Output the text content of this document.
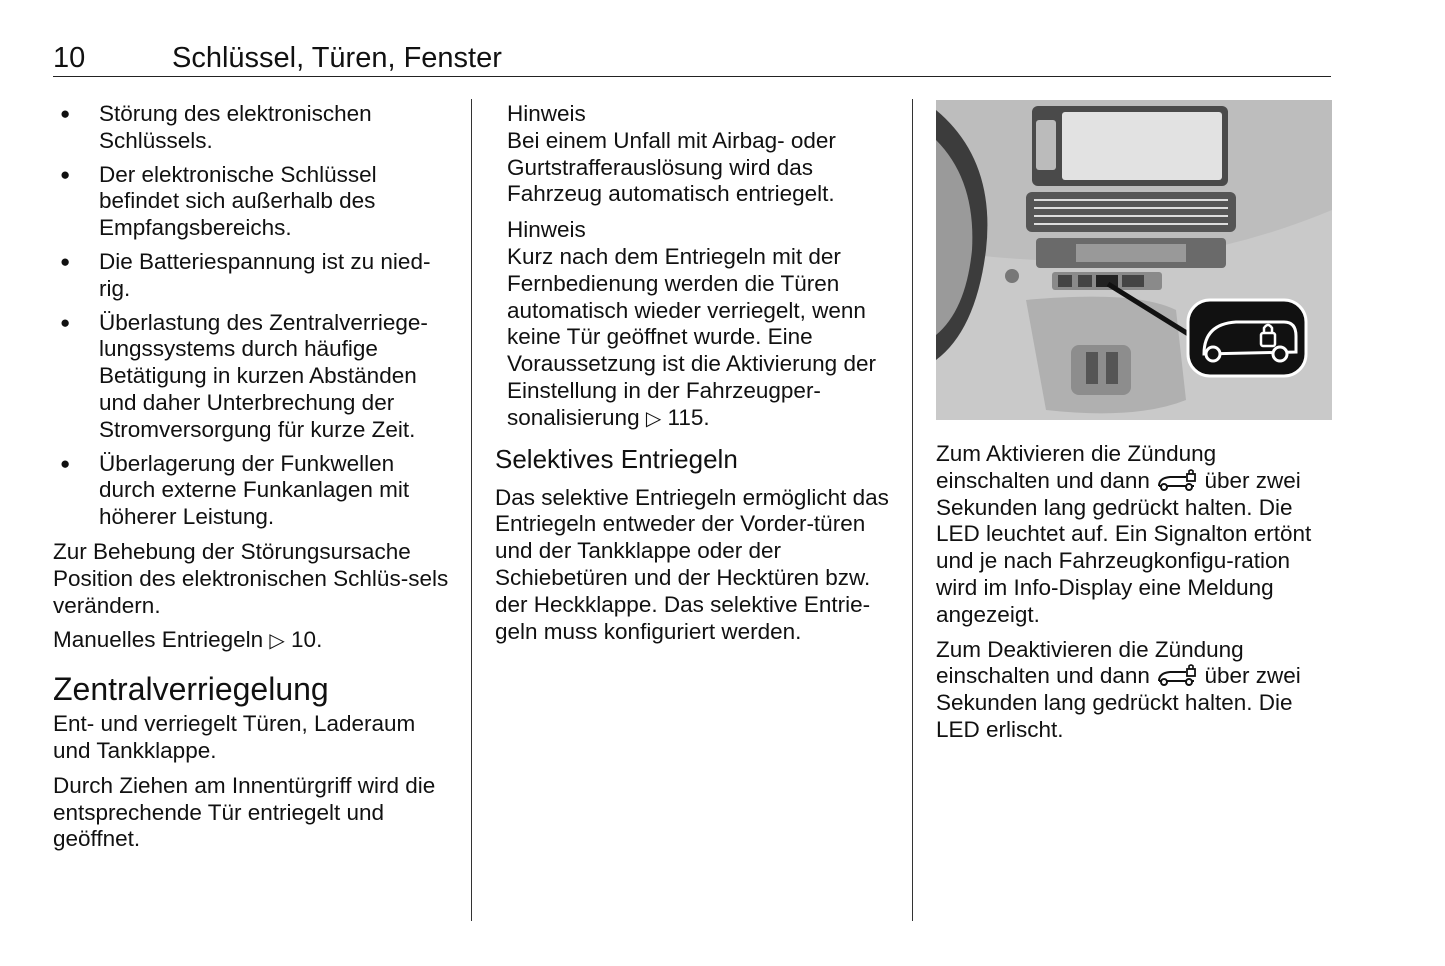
10	Schlüssel, Türen, Fenster
● Störung des elektronischen Schlüssels.
● Der elektronische Schlüssel befindet sich außerhalb des Empfangsbereichs.
● Die Batteriespannung ist zu nied-rig.
● Überlastung des Zentralverriege-lungssystems durch häufige Betätigung in kurzen Abständen und daher Unterbrechung der Stromversorgung für kurze Zeit.
● Überlagerung der Funkwellen durch externe Funkanlagen mit höherer Leistung.

Zur Behebung der Störungsursache Position des elektronischen Schlüs-sels verändern.

Manuelles Entriegeln ▷ 10.

Zentralverriegelung

Ent- und verriegelt Türen, Laderaum und Tankklappe.

Durch Ziehen am Innentürgriff wird die entsprechende Tür entriegelt und geöffnet.

Hinweis
Bei einem Unfall mit Airbag- oder Gurtstrafferauslösung wird das Fahrzeug automatisch entriegelt.
Hinweis
Kurz nach dem Entriegeln mit der Fernbedienung werden die Türen automatisch wieder verriegelt, wenn keine Tür geöffnet wurde. Eine Voraussetzung ist die Aktivierung der Einstellung in der Fahrzeugper-sonalisierung ▷ 115.
Selektives Entriegeln

Das selektive Entriegeln ermöglicht das Entriegeln entweder der Vorder-türen und der Tankklappe oder der Schiebetüren und der Hecktüren bzw. der Heckklappe. Das selektive Entrie-geln muss konfiguriert werden.

Zum Aktivieren die Zündung einschalten und dann über zwei Sekunden lang gedrückt halten. Die LED leuchtet auf. Ein Signalton ertönt und je nach Fahrzeugkonfigu-ration wird im Info-Display eine Meldung angezeigt.

Zum Deaktivieren die Zündung einschalten und dann über zwei Sekunden lang gedrückt halten. Die LED erlischt.
